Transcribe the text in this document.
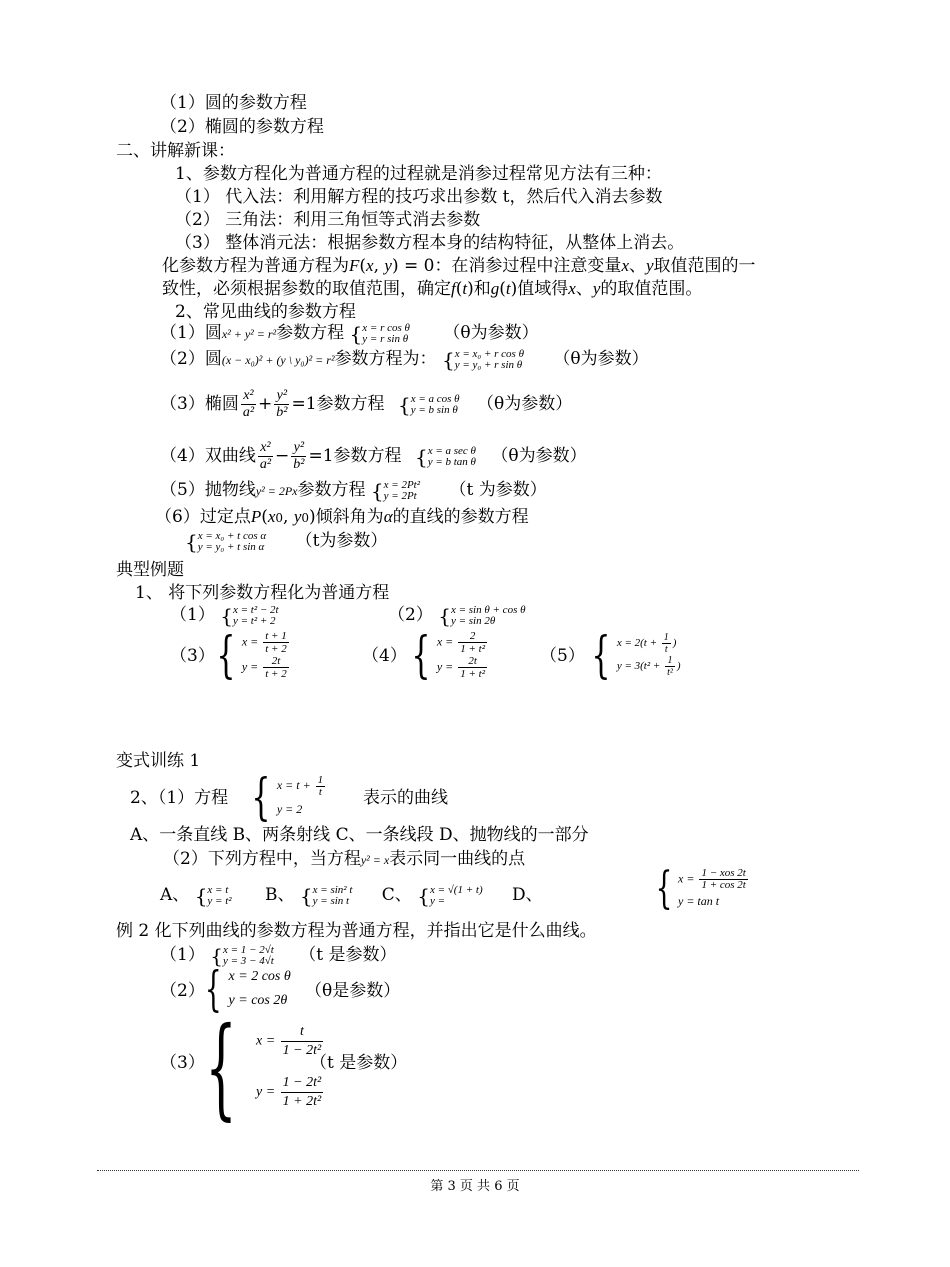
（1）圆的参数方程
（2）椭圆的参数方程
二、讲解新课：
1、参数方程化为普通方程的过程就是消参过程常见方法有三种：
（1） 代入法：利用解方程的技巧求出参数 t，然后代入消去参数
（2） 三角法：利用三角恒等式消去参数
（3） 整体消元法：根据参数方程本身的结构特征，从整体上消去。
化参数方程为普通方程为F(x, y) = 0：在消参过程中注意变量x、y取值范围的一
致性，必须根据参数的取值范围，确定f(t)和g(t)值域得x、y的取值范围。
2、常见曲线的参数方程
（1）圆x² + y² = r²参数方程 { x = r cos θ
y = r sin θ （θ为参数）
（2）圆(x − x₀)² + (y \ y₀)² = r²参数方程为： { x = x₀ + r cos θ
y = y₀ + r sin θ （θ为参数）
（3）椭圆 $\frac{\text{x²}}{\text{a²}} + \frac{\text{y²}}{\text{b²}} =1$参数方程 { x = a cos θ
y = b sin θ （θ为参数）
（4）双曲线 $\frac{\text{x²}}{\text{a²}} - \frac{\text{y²}}{\text{b²}} =1$参数方程 { x = a sec θ
y = b tan θ （θ为参数）
（5）抛物线y² = 2Px参数方程 { x = 2Pt²
y = 2Pt （t 为参数）
（6）过定点P(x0, y0)倾斜角为α的直线的参数方程
{ x = x₀ + t cos α
y = y₀ + t sin α （t为参数）
典型例题
1、 将下列参数方程化为普通方程
（1） { x = t² − 2t
y = t² + 2	（2） { x = sin θ + cos θ
y = sin 2θ
（3） { $x = \frac{t + 1}{t + 2}$
$y = \frac{2t}{t + 2}$	（4） { $x = \frac{2}{\text{1 + t²}}$
$y = \frac{2t}{\text{1 + t²}}$	（5） { $x = 2(t + \frac{1}{t}$ )
$y = 3(t^2 + \frac{1}{\text{t²}}$ )
变式训练 1
2、（1）方程 { $x = t + \frac{1}{t}$
y = 2
表示的曲线
A、一条直线 B、两条射线 C、一条线段 D、抛物线的一部分
（2）下列方程中，当方程y² = x表示同一曲线的点
A、 { x = t
y = t² B、 { x = sin² t
y = sin t C、 { x = √(1 + t)
y =	D、	{ $x = \frac{\text{1 − xos 2t}}{1 + \cos 2t}$
y = tan t
例 2 化下列曲线的参数方程为普通方程，并指出它是什么曲线。
（1） { x = 1 − 2√t
y = 3 − 4√t （t 是参数）
（2） { x = 2 cos θ
y = cos 2θ （θ是参数）
（3） { $x = \frac{t}{\text{1 − 2t²}}$
$y = \frac{\text{1 − 2t²}}{\text{1 + 2t²}}$
（t 是参数）
第 3 页 共 6 页
